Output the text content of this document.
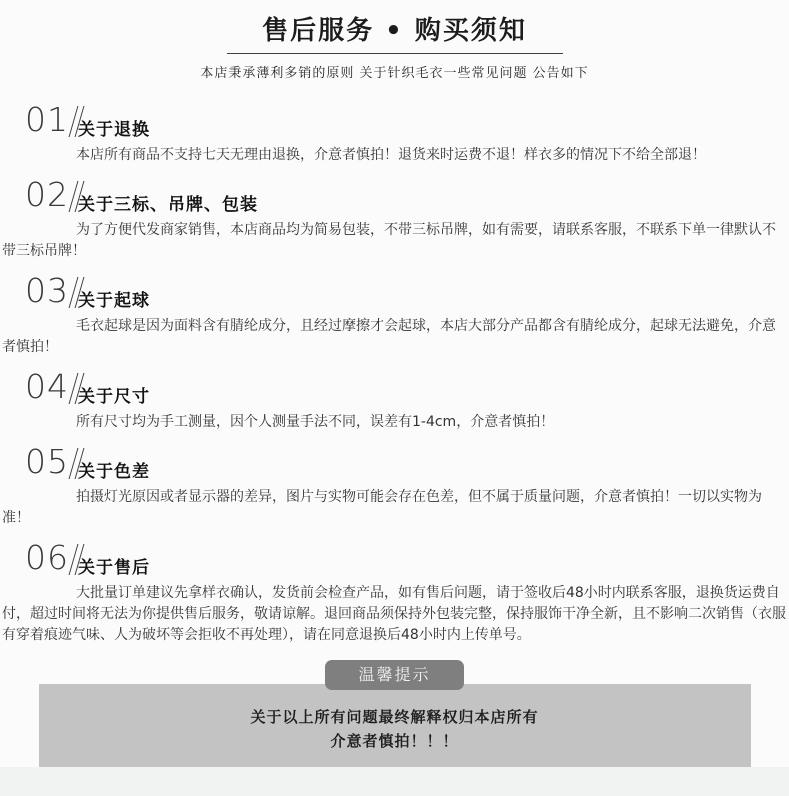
售后服务 • 购买须知
本店秉承薄利多销的原则 关于针织毛衣一些常见问题 公告如下
01 关于退换

本店所有商品不支持七天无理由退换，介意者慎拍！退货来时运费不退！样衣多的情况下不给全部退！

02 关于三标、吊牌、包装

为了方便代发商家销售，本店商品均为简易包装，不带三标吊牌，如有需要，请联系客服，不联系下单一律默认不带三标吊牌！

03 关于起球

毛衣起球是因为面料含有腈纶成分，且经过摩擦才会起球，本店大部分产品都含有腈纶成分，起球无法避免，介意者慎拍！

04 关于尺寸

所有尺寸均为手工测量，因个人测量手法不同，误差有1-4cm，介意者慎拍！

05 关于色差

拍摄灯光原因或者显示器的差异，图片与实物可能会存在色差，但不属于质量问题，介意者慎拍！一切以实物为准！

06 关于售后

大批量订单建议先拿样衣确认，发货前会检查产品，如有售后问题，请于签收后48小时内联系客服，退换货运费自付，超过时间将无法为你提供售后服务，敬请谅解。退回商品须保持外包装完整，保持服饰干净全新，且不影响二次销售（衣服有穿着痕迹气味、人为破坏等会拒收不再处理），请在同意退换后48小时内上传单号。

温馨提示
关于以上所有问题最终解释权归本店所有
介意者慎拍！！！
